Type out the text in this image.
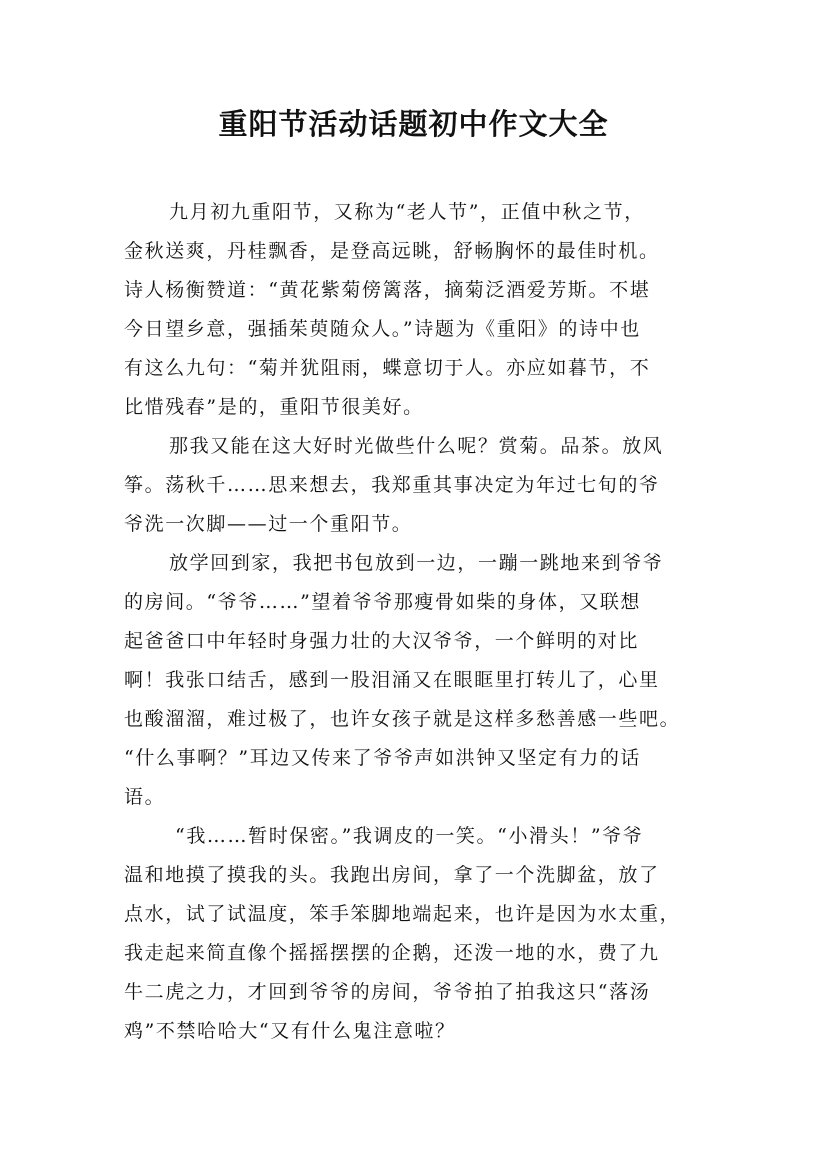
重阳节活动话题初中作文大全

九月初九重阳节，又称为“老人节”，正值中秋之节，
金秋送爽，丹桂飘香，是登高远眺，舒畅胸怀的最佳时机。
诗人杨衡赞道：“黄花紫菊傍篱落，摘菊泛酒爱芳斯。不堪
今日望乡意，强插茱萸随众人。”诗题为《重阳》的诗中也
有这么九句：“菊并犹阻雨，蝶意切于人。亦应如暮节，不
比惜残春”是的，重阳节很美好。

那我又能在这大好时光做些什么呢？赏菊。品茶。放风
筝。荡秋千……思来想去，我郑重其事决定为年过七旬的爷
爷洗一次脚——过一个重阳节。

放学回到家，我把书包放到一边，一蹦一跳地来到爷爷
的房间。“爷爷……”望着爷爷那瘦骨如柴的身体，又联想
起爸爸口中年轻时身强力壮的大汉爷爷，一个鲜明的对比
啊！我张口结舌，感到一股泪涌又在眼眶里打转儿了，心里
也酸溜溜，难过极了，也许女孩子就是这样多愁善感一些吧。
“什么事啊？”耳边又传来了爷爷声如洪钟又坚定有力的话
语。

“我……暂时保密。”我调皮的一笑。“小滑头！”爷爷
温和地摸了摸我的头。我跑出房间，拿了一个洗脚盆，放了
点水，试了试温度，笨手笨脚地端起来，也许是因为水太重，
我走起来简直像个摇摇摆摆的企鹅，还泼一地的水，费了九
牛二虎之力，才回到爷爷的房间，爷爷拍了拍我这只“落汤
鸡”不禁哈哈大“又有什么鬼注意啦？
